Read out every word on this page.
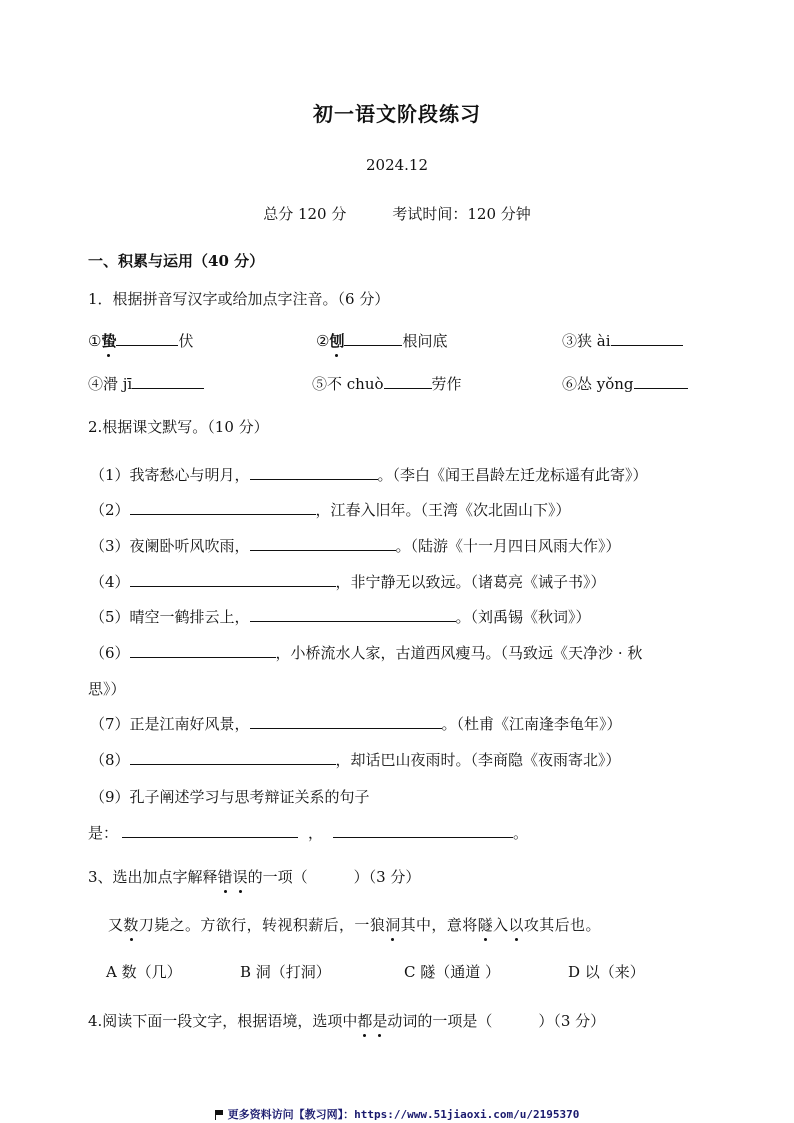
初一语文阶段练习
2024.12
总分 120 分	考试时间：120 分钟
一、积累与运用（40 分）
1．根据拼音写汉字或给加点字注音。（6 分）
①蛰	伏	②刨	根问底	③狭 ài
④滑 jī	⑤不 chuò	劳作	⑥怂 yǒng
2.根据课文默写。（10 分）
（1）我寄愁心与明月，	。（李白《闻王昌龄左迁龙标遥有此寄》）
（2）	，江春入旧年。（王湾《次北固山下》）
（3）夜阑卧听风吹雨，	。（陆游《十一月四日风雨大作》）
（4）	，非宁静无以致远。（诸葛亮《诫子书》）
（5）晴空一鹤排云上，	。（刘禹锡《秋词》）
（6）	，小桥流水人家，古道西风瘦马。（马致远《天净沙 · 秋
思》）
（7）正是江南好风景，	。（杜甫《江南逢李龟年》）
（8）	，却话巴山夜雨时。（李商隐《夜雨寄北》）
（9）孔子阐述学习与思考辩证关系的句子
是：	，	。
3、选出加点字解释错误的一项（	）（3 分）
又数刀毙之。方欲行，转视积薪后，一狼洞其中，意将隧入以攻其后也。
A 数（几）	B 洞（打洞）	C 隧（通道 ）	D 以（来）
4.阅读下面一段文字，根据语境，选项中都是动词的一项是（	）（3 分）
更多资料访问【教习网】：https://www.51jiaoxi.com/u/2195370
